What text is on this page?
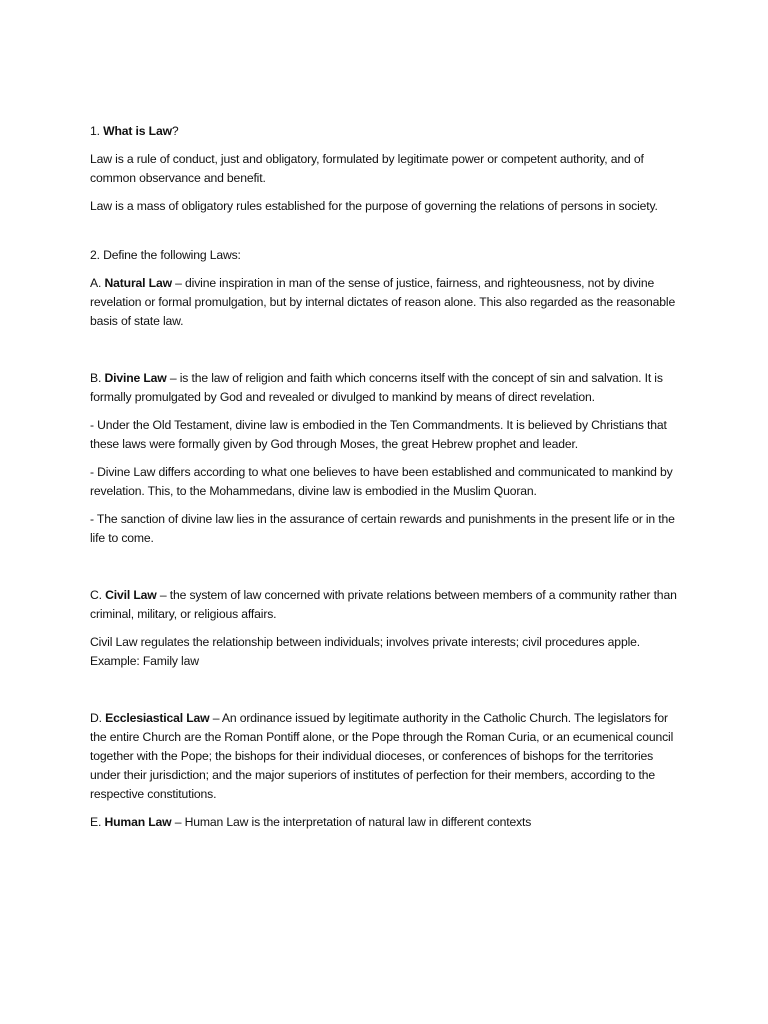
1. What is Law?

Law is a rule of conduct, just and obligatory, formulated by legitimate power or competent authority, and of common observance and benefit.

Law is a mass of obligatory rules established for the purpose of governing the relations of persons in society.

2. Define the following Laws:

A. Natural Law – divine inspiration in man of the sense of justice, fairness, and righteousness, not by divine revelation or formal promulgation, but by internal dictates of reason alone. This also regarded as the reasonable basis of state law.

B. Divine Law – is the law of religion and faith which concerns itself with the concept of sin and salvation. It is formally promulgated by God and revealed or divulged to mankind by means of direct revelation.

- Under the Old Testament, divine law is embodied in the Ten Commandments. It is believed by Christians that these laws were formally given by God through Moses, the great Hebrew prophet and leader.

- Divine Law differs according to what one believes to have been established and communicated to mankind by revelation. This, to the Mohammedans, divine law is embodied in the Muslim Quoran.

- The sanction of divine law lies in the assurance of certain rewards and punishments in the present life or in the life to come.

C. Civil Law – the system of law concerned with private relations between members of a community rather than criminal, military, or religious affairs.

Civil Law regulates the relationship between individuals; involves private interests; civil procedures apple. Example: Family law

D. Ecclesiastical Law – An ordinance issued by legitimate authority in the Catholic Church. The legislators for the entire Church are the Roman Pontiff alone, or the Pope through the Roman Curia, or an ecumenical council together with the Pope; the bishops for their individual dioceses, or conferences of bishops for the territories under their jurisdiction; and the major superiors of institutes of perfection for their members, according to the respective constitutions.

E. Human Law – Human Law is the interpretation of natural law in different contexts
